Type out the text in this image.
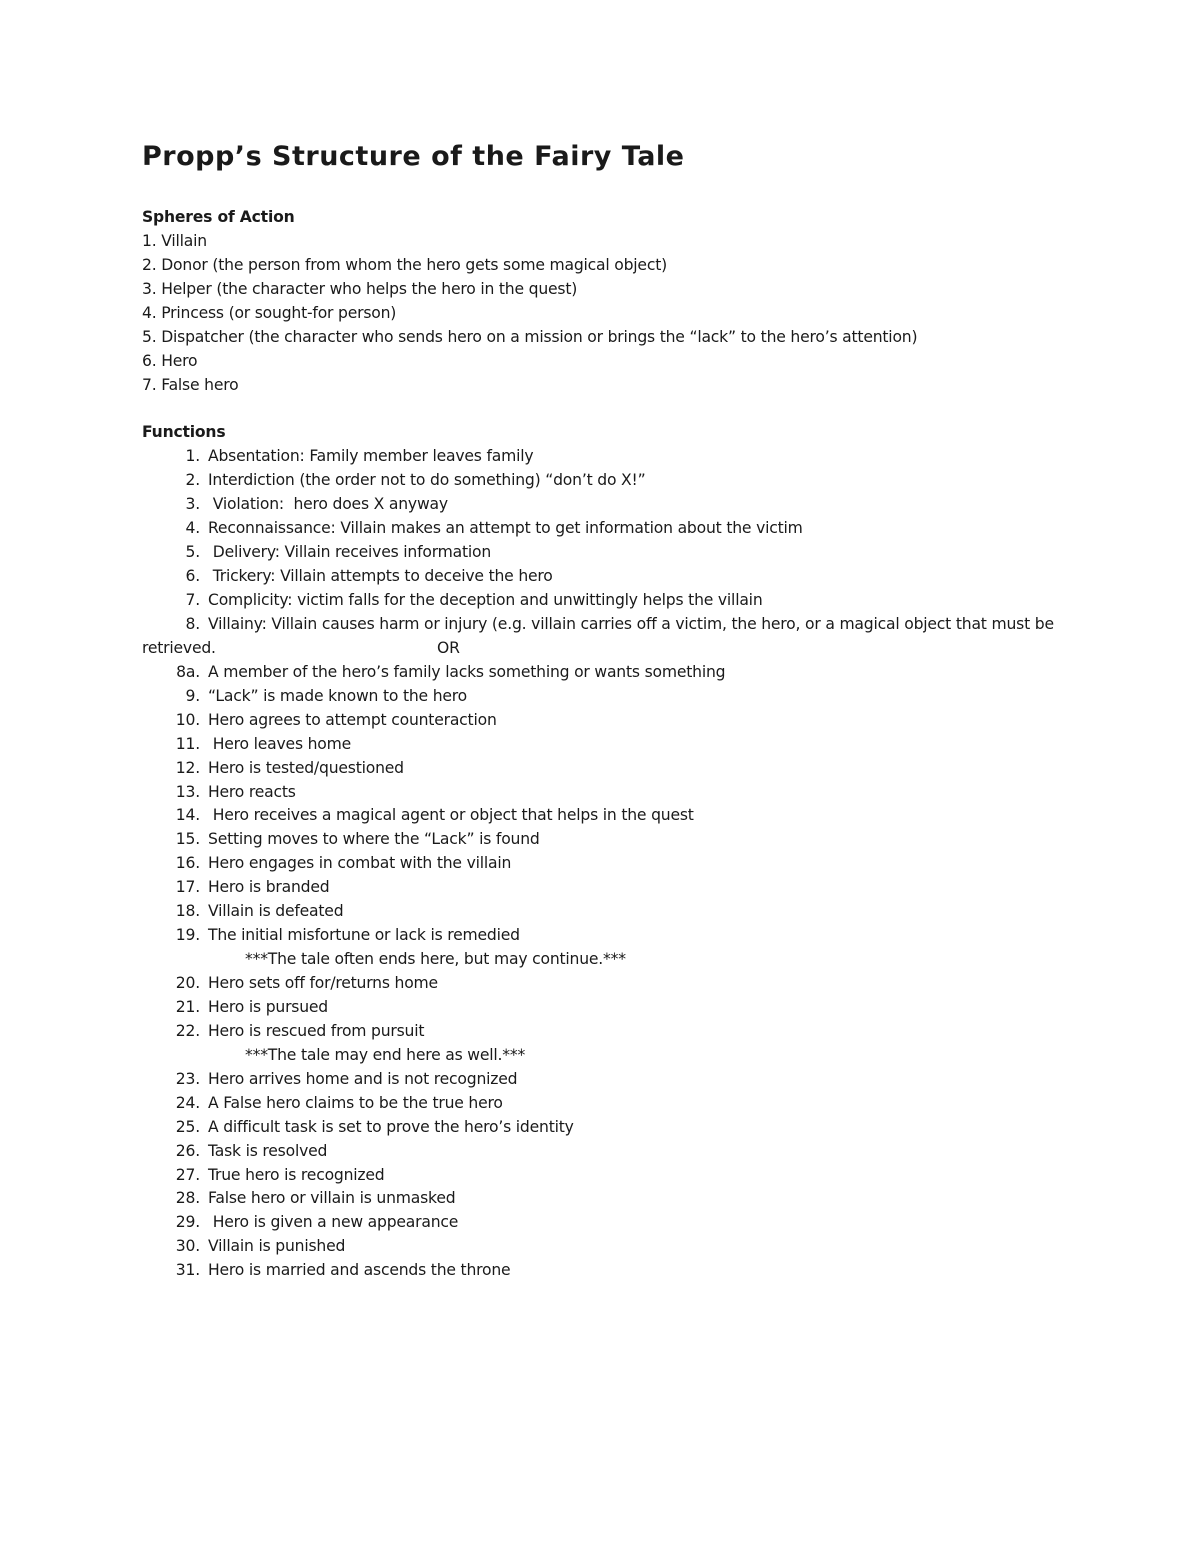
Propp’s Structure of the Fairy Tale
Spheres of Action
1. Villain
2. Donor (the person from whom the hero gets some magical object)
3. Helper (the character who helps the hero in the quest)
4. Princess (or sought-for person)
5. Dispatcher (the character who sends hero on a mission or brings the “lack” to the hero’s attention)
6. Hero
7. False hero
Functions
1. Absentation: Family member leaves family
2. Interdiction (the order not to do something) “don’t do X!”
3. Violation:  hero does X anyway
4. Reconnaissance: Villain makes an attempt to get information about the victim
5. Delivery: Villain receives information
6. Trickery: Villain attempts to deceive the hero
7. Complicity: victim falls for the deception and unwittingly helps the villain
8. Villainy: Villain causes harm or injury (e.g. villain carries off a victim, the hero, or a magical object that must be retrieved.	OR
8a. A member of the hero’s family lacks something or wants something
9. “Lack” is made known to the hero
10. Hero agrees to attempt counteraction
11. Hero leaves home
12. Hero is tested/questioned
13. Hero reacts
14. Hero receives a magical agent or object that helps in the quest
15. Setting moves to where the “Lack” is found
16. Hero engages in combat with the villain
17. Hero is branded
18. Villain is defeated
19. The initial misfortune or lack is remedied
***The tale often ends here, but may continue.***
20. Hero sets off for/returns home
21. Hero is pursued
22. Hero is rescued from pursuit
***The tale may end here as well.***
23. Hero arrives home and is not recognized
24. A False hero claims to be the true hero
25. A difficult task is set to prove the hero’s identity
26. Task is resolved
27. True hero is recognized
28. False hero or villain is unmasked
29. Hero is given a new appearance
30. Villain is punished
31. Hero is married and ascends the throne
